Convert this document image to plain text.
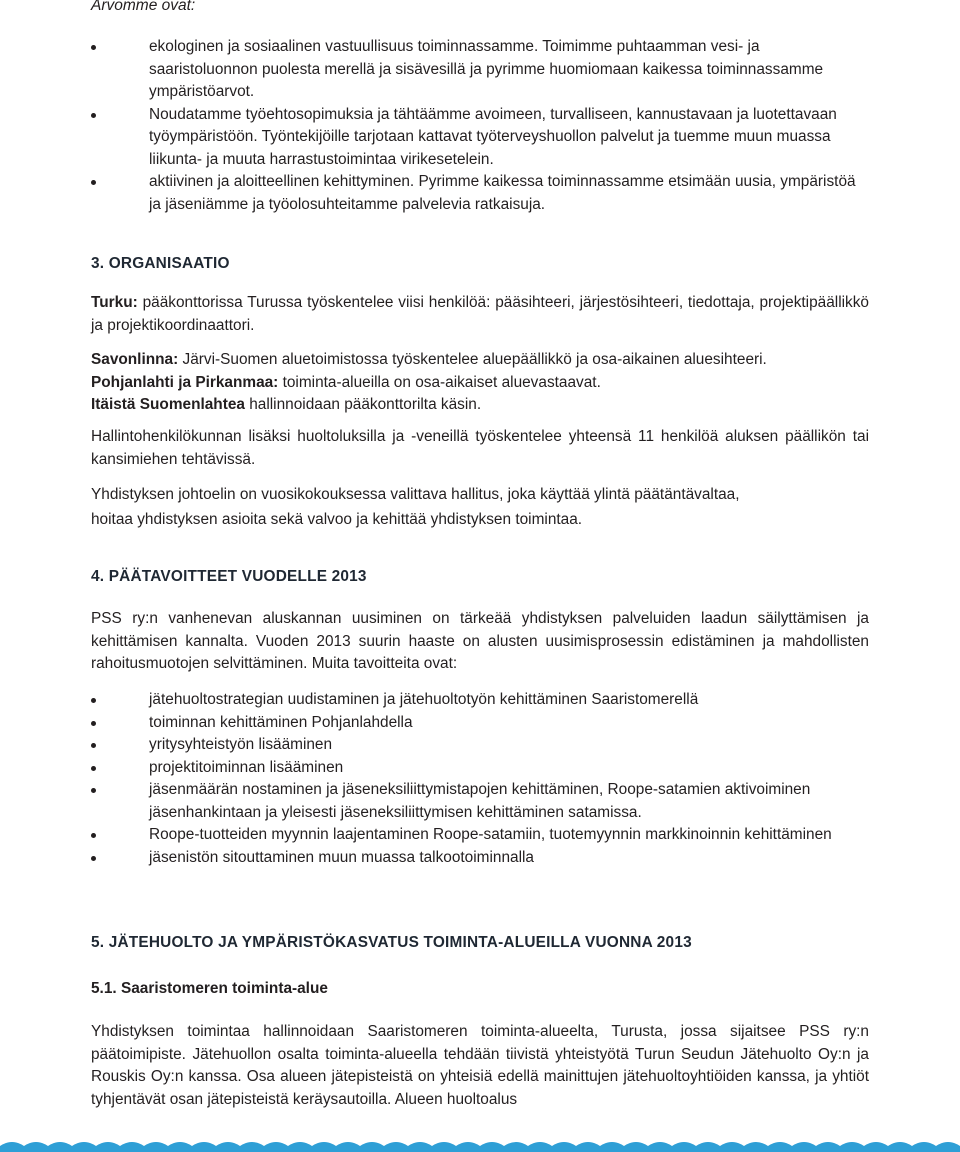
Arvomme ovat:
ekologinen ja sosiaalinen vastuullisuus toiminnassamme. Toimimme puhtaamman vesi- ja saaristoluonnon puolesta merellä ja sisävesillä ja pyrimme huomiomaan kaikessa toiminnassamme ympäristöarvot.
Noudatamme työehtosopimuksia ja tähtäämme avoimeen, turvalliseen, kannustavaan ja luotettavaan työympäristöön. Työntekijöille tarjotaan kattavat työterveyshuollon palvelut ja tuemme muun muassa liikunta- ja muuta harrastustoimintaa virikesetelein.
aktiivinen ja aloitteellinen kehittyminen. Pyrimme kaikessa toiminnassamme etsimään uusia, ympäristöä ja jäseniämme ja työolosuhteitamme palvelevia ratkaisuja.
3. ORGANISAATIO

Turku: pääkonttorissa Turussa työskentelee viisi henkilöä: pääsihteeri, järjestösihteeri, tiedottaja, projektipäällikkö ja projektikoordinaattori.

Savonlinna: Järvi-Suomen aluetoimistossa työskentelee aluepäällikkö ja osa-aikainen aluesihteeri.

Pohjanlahti ja Pirkanmaa: toiminta-alueilla on osa-aikaiset aluevastaavat.

Itäistä Suomenlahtea hallinnoidaan pääkonttorilta käsin.

Hallintohenkilökunnan lisäksi huoltoluksilla ja -veneillä työskentelee yhteensä 11 henkilöä aluksen päällikön tai kansimiehen tehtävissä.

Yhdistyksen johtoelin on vuosikokouksessa valittava hallitus, joka käyttää ylintä päätäntävaltaa,

hoitaa yhdistyksen asioita sekä valvoo ja kehittää yhdistyksen toimintaa.

4. PÄÄTAVOITTEET VUODELLE 2013

PSS ry:n vanhenevan aluskannan uusiminen on tärkeää yhdistyksen palveluiden laadun säilyttämisen ja kehittämisen kannalta. Vuoden 2013 suurin haaste on alusten uusimisprosessin edistäminen ja mahdollisten rahoitusmuotojen selvittäminen. Muita tavoitteita ovat:

jätehuoltostrategian uudistaminen ja jätehuoltotyön kehittäminen Saaristomerellä
toiminnan kehittäminen Pohjanlahdella
yritysyhteistyön lisääminen
projektitoiminnan lisääminen
jäsenmäärän nostaminen ja jäseneksiliittymistapojen kehittäminen, Roope-satamien aktivoiminen jäsenhankintaan ja yleisesti jäseneksiliittymisen kehittäminen satamissa.
Roope-tuotteiden myynnin laajentaminen Roope-satamiin, tuotemyynnin markkinoinnin kehittäminen
jäsenistön sitouttaminen muun muassa talkootoiminnalla
5. JÄTEHUOLTO JA YMPÄRISTÖKASVATUS TOIMINTA-ALUEILLA VUONNA 2013
5.1. Saaristomeren toiminta-alue

Yhdistyksen toimintaa hallinnoidaan Saaristomeren toiminta-alueelta, Turusta, jossa sijaitsee PSS ry:n päätoimipiste. Jätehuollon osalta toiminta-alueella tehdään tiivistä yhteistyötä Turun Seudun Jätehuolto Oy:n ja Rouskis Oy:n kanssa. Osa alueen jätepisteistä on yhteisiä edellä mainittujen jätehuoltoyhtiöiden kanssa, ja yhtiöt tyhjentävät osan jätepisteistä keräysautoilla. Alueen huoltoalus
